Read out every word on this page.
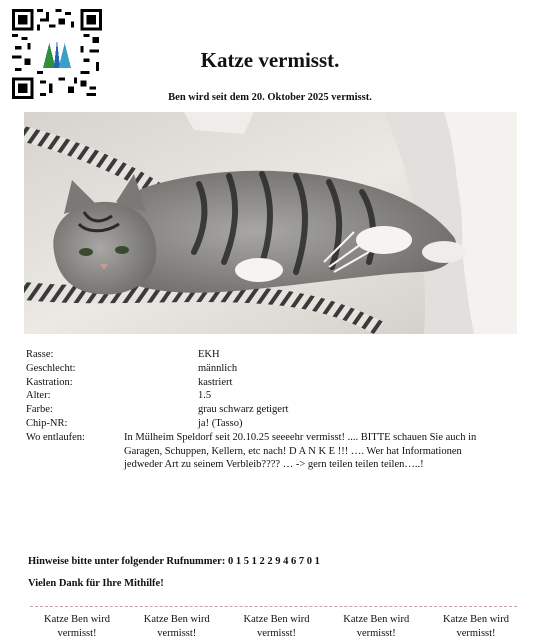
Katze vermisst.
Ben wird seit dem 20. Oktober 2025 vermisst.
Rasse:	EKH
Geschlecht:	männlich
Kastration:	kastriert
Alter:	1.5
Farbe:	grau schwarz getigert
Chip-NR:	ja! (Tasso)
Wo entlaufen:	In Mülheim Speldorf seit 20.10.25 seeeehr vermisst! .... BITTE schauen Sie auch in Garagen, Schuppen, Kellern, etc nach! D A N K E !!! …. Wer hat Informationen jedweder Art zu seinem Verbleib???? … -> gern teilen teilen teilen…..!
Hinweise bitte unter folgender Rufnummer: 0 1 5 1 2 2 9 4 6 7 0 1
Vielen Dank für Ihre Mithilfe!
Katze Ben wird
vermisst!
Katze Ben wird
vermisst!
Katze Ben wird
vermisst!
Katze Ben wird
vermisst!
Katze Ben wird
vermisst!
